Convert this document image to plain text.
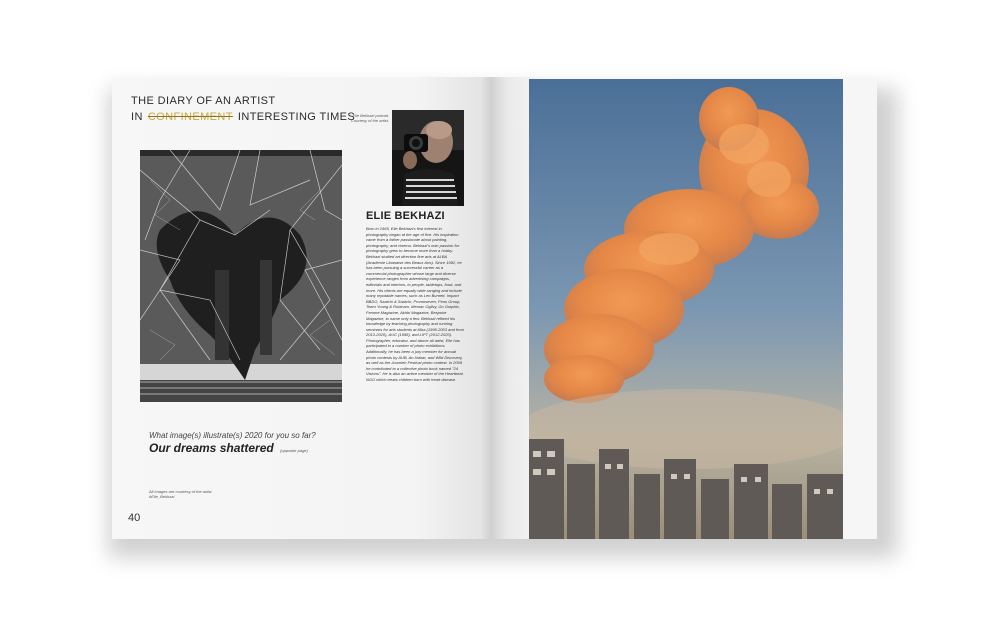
THE DIARY OF AN ARTIST
IN CONFINEMENT INTERESTING TIMES
Elie Bekhazi portrait. Courtesy of the artist.
ELIE BEKHAZI
Born in 1965, Elie Bekhazi's first interest in photography began at the age of five. His inspiration came from a father passionate about painting, photography, and cinema. Bekhazi's own passion for photography grew to become more than a hobby. Bekhazi studied art direction fine arts at ALBA (Académie Libanaise des Beaux Arts). Since 1992, he has been pursuing a successful career as a commercial photographer whose large and diverse experience ranges from advertising campaigns, editorials and interiors, to people, tabletops, food, and more. His clients are equally wide-ranging and include many reputable names, such as Leo Burnett, Impact BBDO, Saatchi & Saatchi, Promoseven, Pimo Group, Team Young & Rubicam, Memac Ogilvy, Go Graphic, Femme Magazine, Akhbi Magazine, Bespoke Magazine, to name only a few. Bekhazi refined his knowledge by teaching photography and running seminars for arts students at Alba (1995-2003 and from 2013-2020), AUC (1998), and LIPT (2012-2020). Photographer, educator, and above all artist, Elie has participated in a number of photo exhibitions. Additionally, he has been a jury member for annual photo contests by AUB, An-Nahar, and Wild Discovery, as well as the Joumieh Festival photo contest. In 2009 he contributed to a collective photo book named "24 Visions". He is also an active member of the Heartbeat NGO which treats children born with heart disease.
What image(s) illustrate(s) 2020 for you so far?
Our dreams shattered (opposite page)
All images are courtesy of the artist. #Elie_Bekhazi
40
